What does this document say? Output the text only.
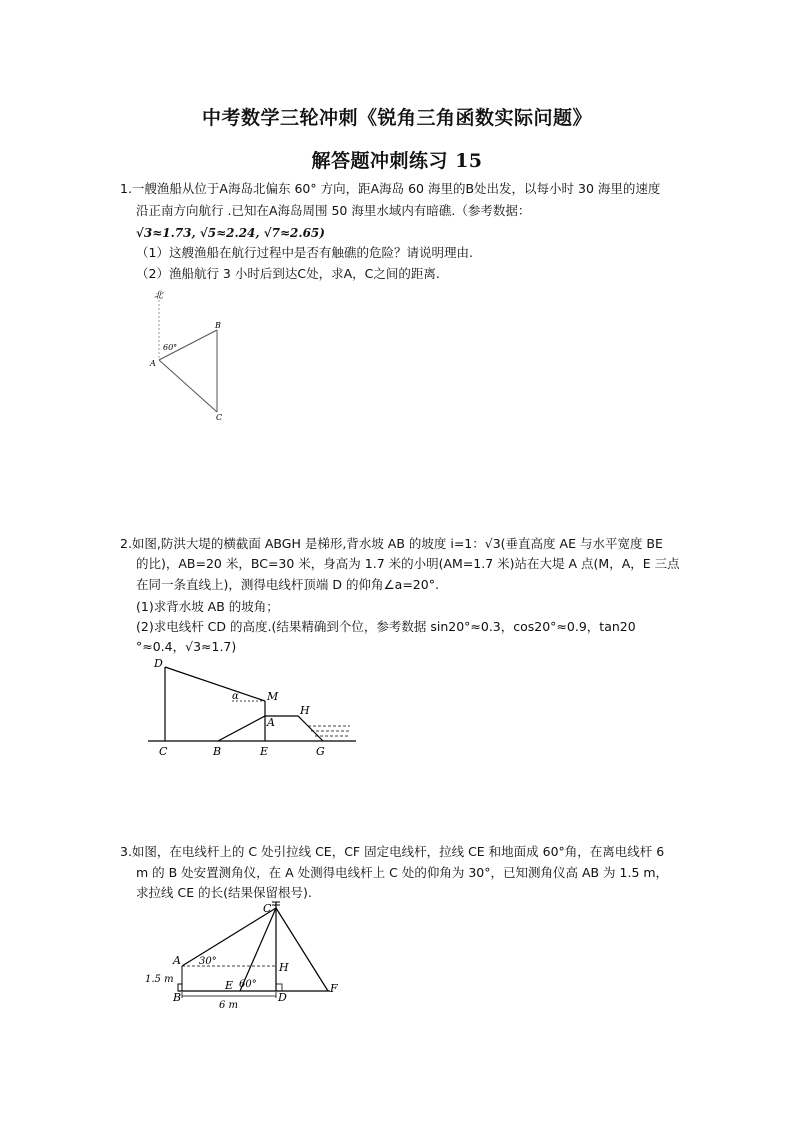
中考数学三轮冲刺《锐角三角函数实际问题》
解答题冲刺练习 15
1.一艘渔船从位于A海岛北偏东 60° 方向，距A海岛 60 海里的B处出发，以每小时 30 海里的速度
沿正南方向航行 .已知在A海岛周围 50 海里水域内有暗礁.（参考数据：
√3≈1.73, √5≈2.24, √7≈2.65)
（1）这艘渔船在航行过程中是否有触礁的危险？请说明理由.
（2）渔船航行 3 小时后到达C处，求A，C之间的距离.
北
60°
A
B
C
2.如图,防洪大堤的横截面 ABGH 是梯形,背水坡 AB 的坡度 i=1：√3(垂直高度 AE 与水平宽度 BE
的比)，AB=20 米，BC=30 米，身高为 1.7 米的小明(AM=1.7 米)站在大堤 A 点(M，A，E 三点
在同一条直线上)，测得电线杆顶端 D 的仰角∠a=20°.
(1)求背水坡 AB 的坡角；
(2)求电线杆 CD 的高度.(结果精确到个位，参考数据 sin20°≈0.3，cos20°≈0.9，tan20
°≈0.4，√3≈1.7)
D
M
α
H
A
C	B	E	G
3.如图，在电线杆上的 C 处引拉线 CE，CF 固定电线杆，拉线 CE 和地面成 60°角，在离电线杆 6
m 的 B 处安置测角仪，在 A 处测得电线杆上 C 处的仰角为 30°，已知测角仪高 AB 为 1.5 m，
求拉线 CE 的长(结果保留根号).
C
A 30°	H
1.5 m	E 60°
B	D
F
6 m
